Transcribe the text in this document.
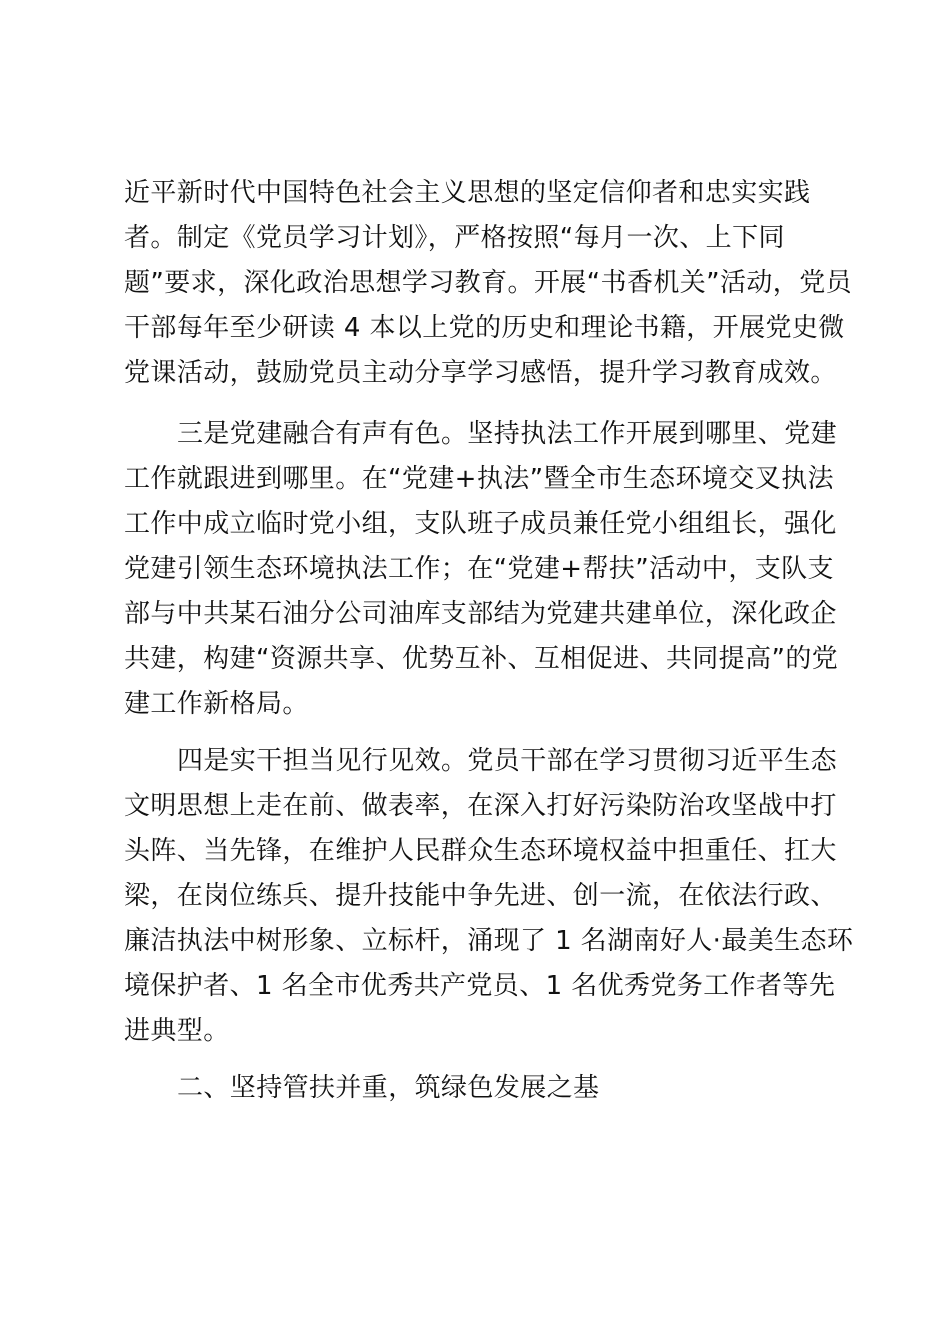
近平新时代中国特色社会主义思想的坚定信仰者和忠实实践
者。制定《党员学习计划》，严格按照“每月一次、上下同
题”要求，深化政治思想学习教育。开展“书香机关”活动，党员
干部每年至少研读 4 本以上党的历史和理论书籍，开展党史微
党课活动，鼓励党员主动分享学习感悟，提升学习教育成效。
三是党建融合有声有色。坚持执法工作开展到哪里、党建
工作就跟进到哪里。在“党建+执法”暨全市生态环境交叉执法
工作中成立临时党小组，支队班子成员兼任党小组组长，强化
党建引领生态环境执法工作；在“党建+帮扶”活动中，支队支
部与中共某石油分公司油库支部结为党建共建单位，深化政企
共建，构建“资源共享、优势互补、互相促进、共同提高”的党
建工作新格局。
四是实干担当见行见效。党员干部在学习贯彻习近平生态
文明思想上走在前、做表率，在深入打好污染防治攻坚战中打
头阵、当先锋，在维护人民群众生态环境权益中担重任、扛大
梁，在岗位练兵、提升技能中争先进、创一流，在依法行政、
廉洁执法中树形象、立标杆，涌现了 1 名湖南好人·最美生态环
境保护者、1 名全市优秀共产党员、1 名优秀党务工作者等先
进典型。
二、坚持管扶并重，筑绿色发展之基
